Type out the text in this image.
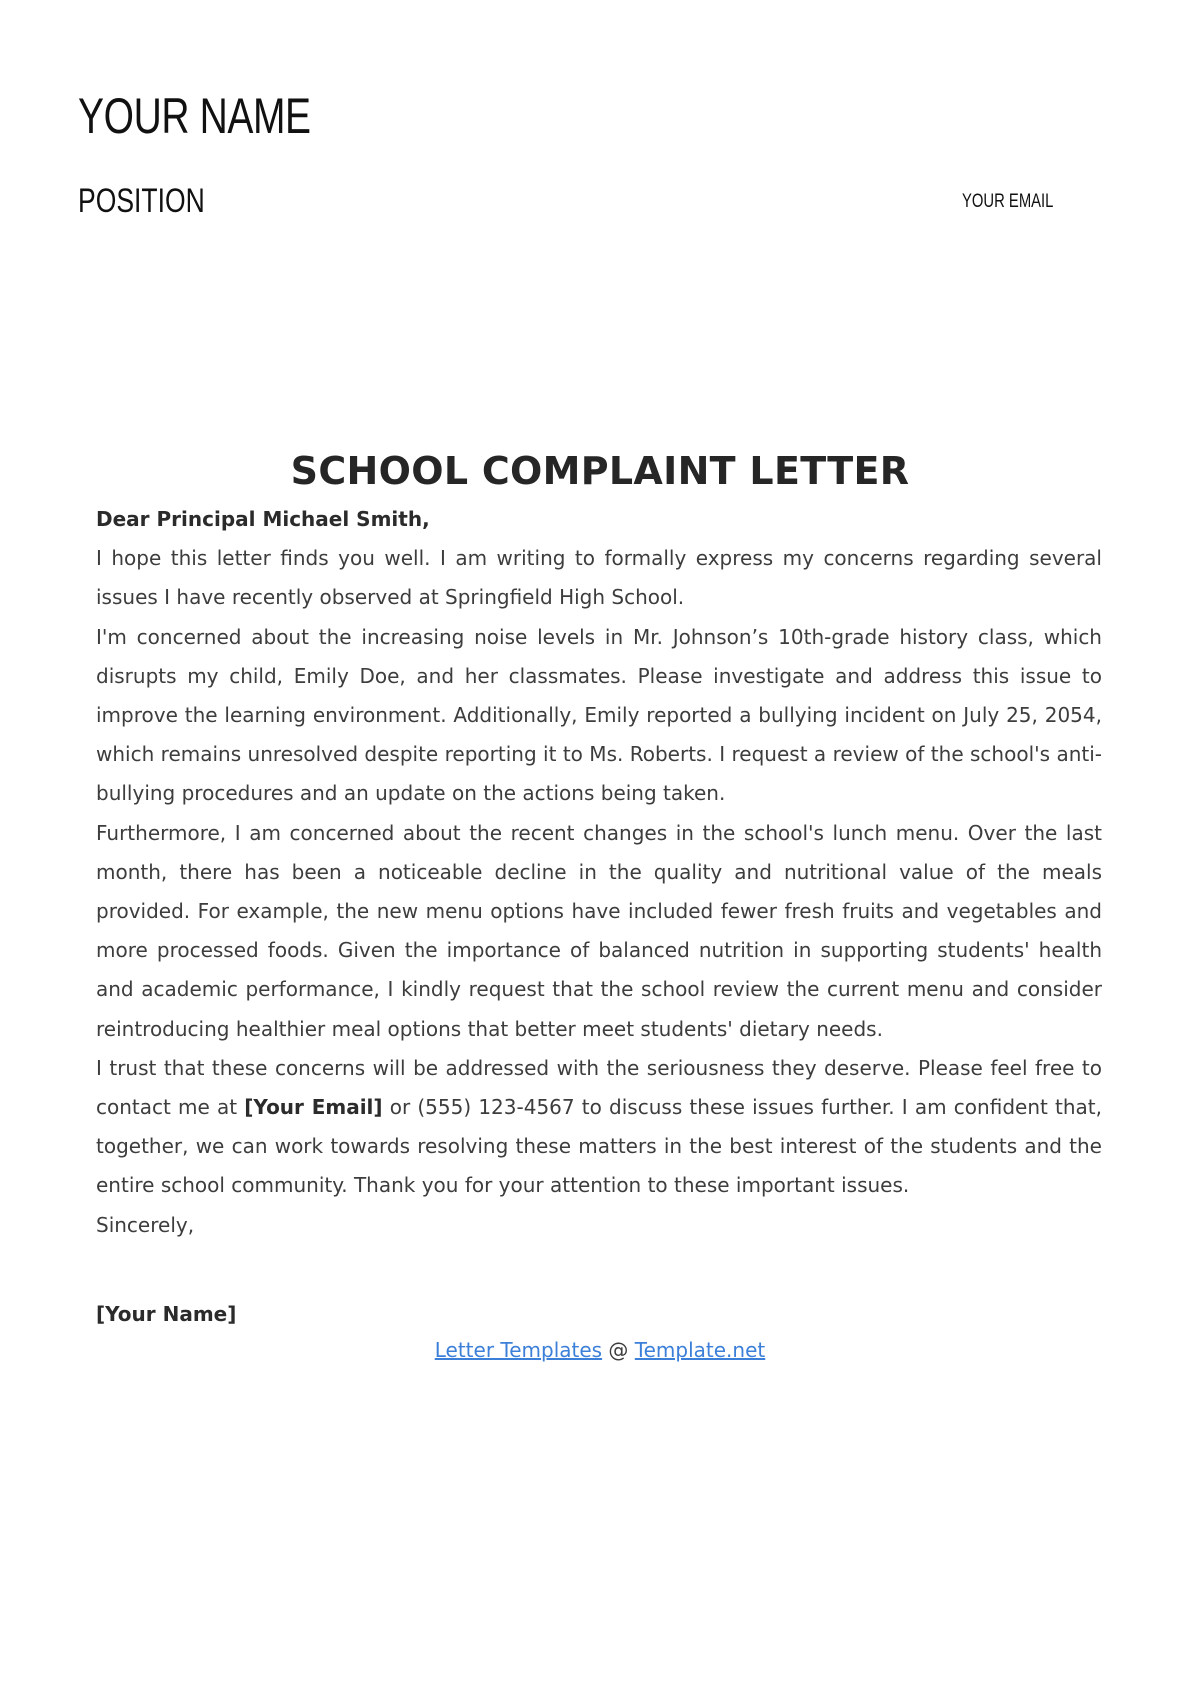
YOUR NAME
POSITION	YOUR EMAIL
SCHOOL COMPLAINT LETTER

Dear Principal Michael Smith,

I hope this letter finds you well. I am writing to formally express my concerns regarding several issues I have recently observed at Springfield High School.

I'm concerned about the increasing noise levels in Mr. Johnson’s 10th-grade history class, which disrupts my child, Emily Doe, and her classmates. Please investigate and address this issue to improve the learning environment. Additionally, Emily reported a bullying incident on July 25, 2054, which remains unresolved despite reporting it to Ms. Roberts. I request a review of the school's anti-bullying procedures and an update on the actions being taken.

Furthermore, I am concerned about the recent changes in the school's lunch menu. Over the last month, there has been a noticeable decline in the quality and nutritional value of the meals provided. For example, the new menu options have included fewer fresh fruits and vegetables and more processed foods. Given the importance of balanced nutrition in supporting students' health and academic performance, I kindly request that the school review the current menu and consider reintroducing healthier meal options that better meet students' dietary needs.

I trust that these concerns will be addressed with the seriousness they deserve. Please feel free to contact me at [Your Email] or (555) 123-4567 to discuss these issues further. I am confident that, together, we can work towards resolving these matters in the best interest of the students and the entire school community. Thank you for your attention to these important issues.

Sincerely,

[Your Name]

Letter Templates @ Template.net
